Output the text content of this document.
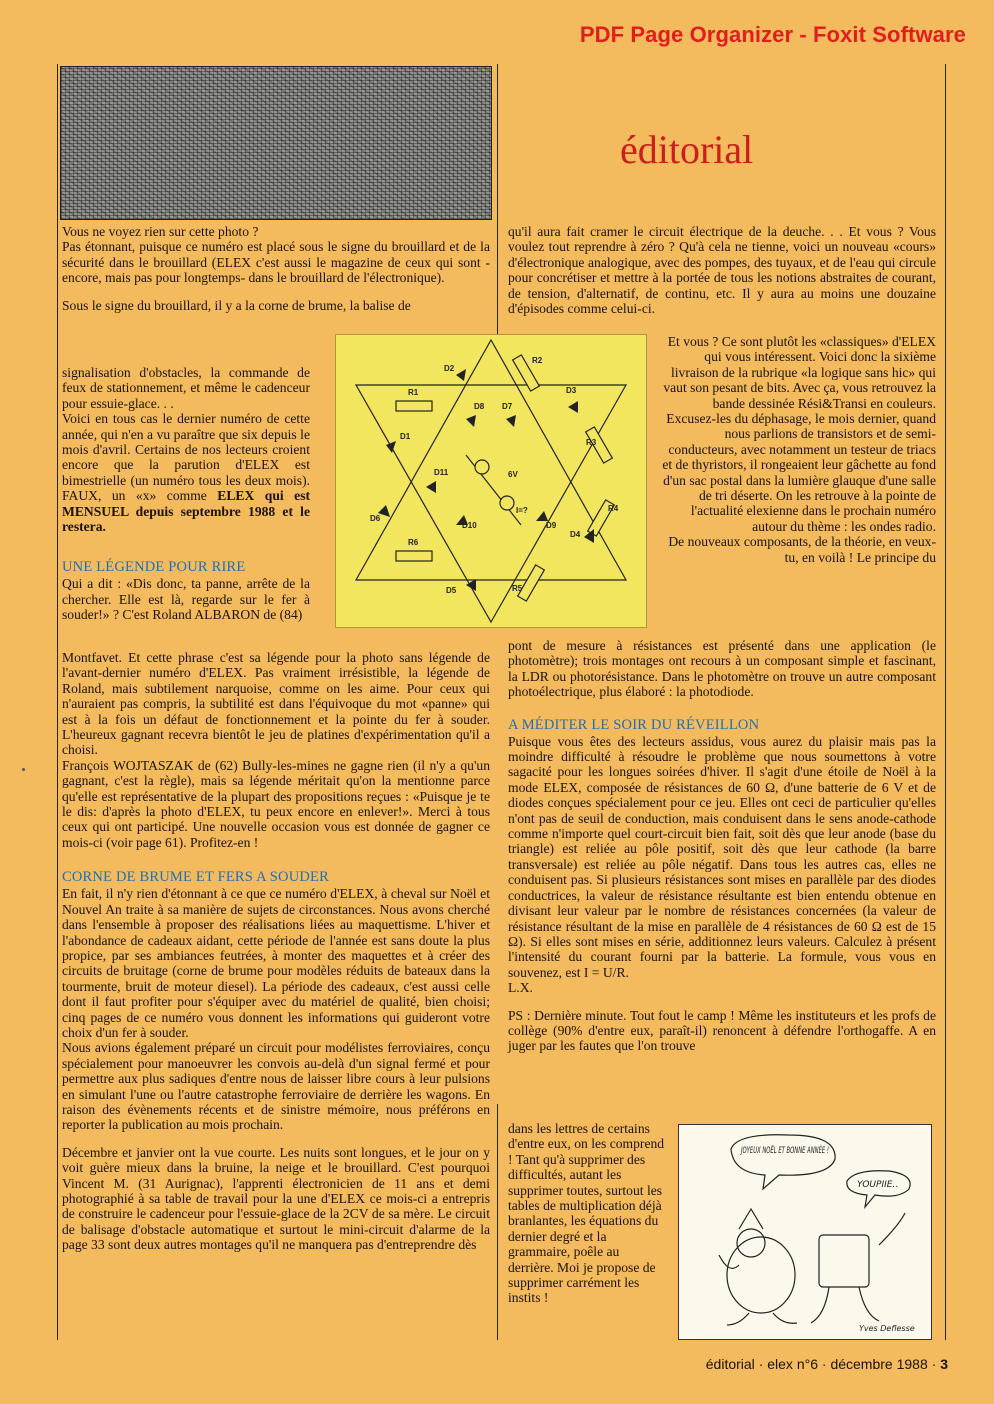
PDF Page Organizer - Foxit Software
éditorial

Vous ne voyez rien sur cette photo ?

Pas étonnant, puisque ce numéro est placé sous le signe du brouillard et de la sécurité dans le brouillard (ELEX c'est aussi le magazine de ceux qui sont -encore, mais pas pour longtemps- dans le brouillard de l'électronique).

Sous le signe du brouillard, il y a la corne de brume, la balise de

signalisation d'obstacles, la commande de feux de stationnement, et même le cadenceur pour essuie-glace. . .

Voici en tous cas le dernier numéro de cette année, qui n'en a vu paraître que six depuis le mois d'avril. Certains de nos lecteurs croient encore que la parution d'ELEX est bimestrielle (un numéro tous les deux mois). FAUX, un «x» comme ELEX qui est MENSUEL depuis septembre 1988 et le restera.

UNE LÉGENDE POUR RIRE

Qui a dit : «Dis donc, ta panne, arrête de la chercher. Elle est là, regarde sur le fer à souder!» ? C'est Roland ALBARON de (84)

Montfavet. Et cette phrase c'est sa légende pour la photo sans légende de l'avant-dernier numéro d'ELEX. Pas vraiment irrésistible, la légende de Roland, mais subtilement narquoise, comme on les aime. Pour ceux qui n'auraient pas compris, la subtilité est dans l'équivoque du mot «panne» qui est à la fois un défaut de fonctionnement et la pointe du fer à souder. L'heureux gagnant recevra bientôt le jeu de platines d'expérimentation qu'il a choisi.

François WOJTASZAK de (62) Bully-les-mines ne gagne rien (il n'y a qu'un gagnant, c'est la règle), mais sa légende méritait qu'on la mentionne parce qu'elle est représentative de la plupart des propositions reçues : «Puisque je te le dis: d'après la photo d'ELEX, tu peux encore en enlever!». Merci à tous ceux qui ont participé. Une nouvelle occasion vous est donnée de gagner ce mois-ci (voir page 61). Profitez-en !

CORNE DE BRUME ET FERS A SOUDER

En fait, il n'y rien d'étonnant à ce que ce numéro d'ELEX, à cheval sur Noël et Nouvel An traite à sa manière de sujets de circonstances. Nous avons cherché dans l'ensemble à proposer des réalisations liées au maquettisme. L'hiver et l'abondance de cadeaux aidant, cette période de l'année est sans doute la plus propice, par ses ambiances feutrées, à monter des maquettes et à créer des circuits de bruitage (corne de brume pour modèles réduits de bateaux dans la tourmente, bruit de moteur diesel). La période des cadeaux, c'est aussi celle dont il faut profiter pour s'équiper avec du matériel de qualité, bien choisi; cinq pages de ce numéro vous donnent les informations qui guideront votre choix d'un fer à souder.

Nous avions également préparé un circuit pour modélistes ferroviaires, conçu spécialement pour manoeuvrer les convois au-delà d'un signal fermé et pour permettre aux plus sadiques d'entre nous de laisser libre cours à leur pulsions en simulant l'une ou l'autre catastrophe ferroviaire de derrière les wagons. En raison des évènements récents et de sinistre mémoire, nous préférons en reporter la publication au mois prochain.

Décembre et janvier ont la vue courte. Les nuits sont longues, et le jour on y voit guère mieux dans la bruine, la neige et le brouillard. C'est pourquoi Vincent M. (31 Aurignac), l'apprenti électronicien de 11 ans et demi photographié à sa table de travail pour la une d'ELEX ce mois-ci a entrepris de construire le cadenceur pour l'essuie-glace de la 2CV de sa mère. Le circuit de balisage d'obstacle automatique et surtout le mini-circuit d'alarme de la page 33 sont deux autres montages qu'il ne manquera pas d'entreprendre dès

qu'il aura fait cramer le circuit électrique de la deuche. . . Et vous ? Vous voulez tout reprendre à zéro ? Qu'à cela ne tienne, voici un nouveau «cours» d'électronique analogique, avec des pompes, des tuyaux, et de l'eau qui circule pour concrétiser et mettre à la portée de tous les notions abstraites de courant, de tension, d'alternatif, de continu, etc. Il y aura au moins une douzaine d'épisodes comme celui-ci.

Et vous ? Ce sont plutôt les «classiques» d'ELEX qui vous intéressent. Voici donc la sixième livraison de la rubrique «la logique sans hic» qui vaut son pesant de bits. Avec ça, vous retrouvez la bande dessinée Rési&Transi en couleurs. Excusez-les du déphasage, le mois dernier, quand nous parlions de transistors et de semi-conducteurs, avec notamment un testeur de triacs et de thyristors, il rongeaient leur gâchette au fond d'un sac postal dans la lumière glauque d'une salle de tri déserte. On les retrouve à la pointe de l'actualité elexienne dans le prochain numéro autour du thème : les ondes radio.

De nouveaux composants, de la théorie, en veux-tu, en voilà ! Le principe du

pont de mesure à résistances est présenté dans une application (le photomètre); trois montages ont recours à un composant simple et fascinant, la LDR ou photorésistance. Dans le photomètre on trouve un autre composant photoélectrique, plus élaboré : la photodiode.

A MÉDITER LE SOIR DU RÉVEILLON

Puisque vous êtes des lecteurs assidus, vous aurez du plaisir mais pas la moindre difficulté à résoudre le problème que nous soumettons à votre sagacité pour les longues soirées d'hiver. Il s'agit d'une étoile de Noël à la mode ELEX, composée de résistances de 60 Ω, d'une batterie de 6 V et de diodes conçues spécialement pour ce jeu. Elles ont ceci de particulier qu'elles n'ont pas de seuil de conduction, mais conduisent dans le sens anode-cathode comme n'importe quel court-circuit bien fait, soit dès que leur anode (base du triangle) est reliée au pôle positif, soit dès que leur cathode (la barre transversale) est reliée au pôle négatif. Dans tous les autres cas, elles ne conduisent pas. Si plusieurs résistances sont mises en parallèle par des diodes conductrices, la valeur de résistance résultante est bien entendu obtenue en divisant leur valeur par le nombre de résistances concernées (la valeur de résistance résultant de la mise en parallèle de 4 résistances de 60 Ω est de 15 Ω). Si elles sont mises en série, additionnez leurs valeurs. Calculez à présent l'intensité du courant fourni par la batterie. La formule, vous vous en souvenez, est I = U/R.

L.X.

PS : Dernière minute. Tout fout le camp ! Même les instituteurs et les profs de collège (90% d'entre eux, paraît-il) renoncent à défendre l'orthogaffe. A en juger par les fautes que l'on trouve

dans les lettres de certains d'entre eux, on les comprend ! Tant qu'à supprimer des difficultés, autant les supprimer toutes, surtout les tables de multiplication déjà branlantes, les équations du dernier degré et la grammaire, poêle au derrière. Moi je propose de supprimer carrément les instits !

D2
D3
D1
D8 D7
D11
D10	D9
D6
D4
D5
R1
R2
R3
R4
R5
R6
6V
I=?
JOYEUX NOËL ET BONNE ANNÉE !
YOUPIIE..
Yves Deflesse
éditorial · elex n°6 · décembre 1988 · 3
